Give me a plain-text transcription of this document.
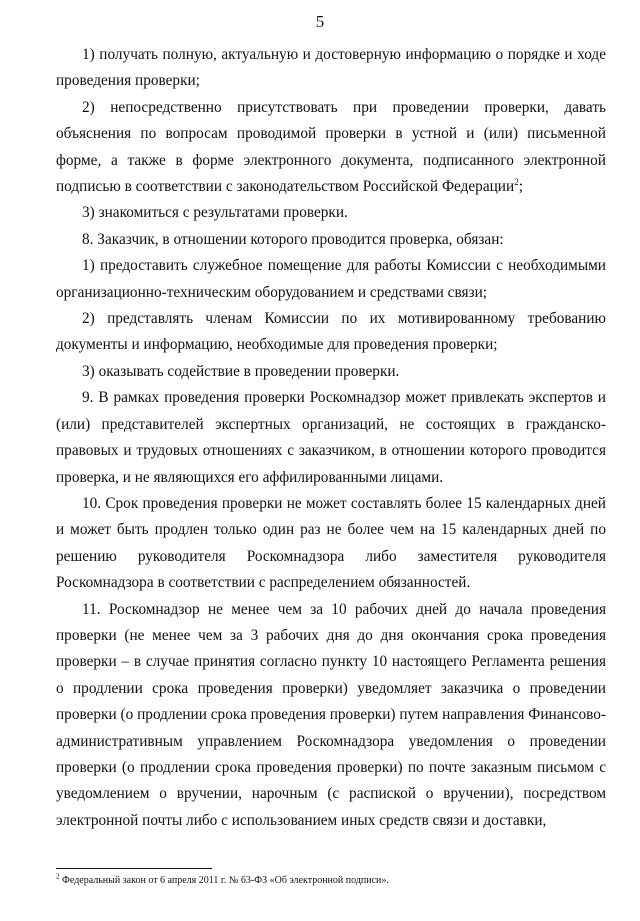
5

1) получать полную, актуальную и достоверную информацию о порядке и ходе проведения проверки;

2) непосредственно присутствовать при проведении проверки, давать объяснения по вопросам проводимой проверки в устной и (или) письменной форме, а также в форме электронного документа, подписанного электронной подписью в соответствии с законодательством Российской Федерации$^2$;

3) знакомиться с результатами проверки.

8. Заказчик, в отношении которого проводится проверка, обязан:

1) предоставить служебное помещение для работы Комиссии с необходимыми организационно-техническим оборудованием и средствами связи;

2) представлять членам Комиссии по их мотивированному требованию документы и информацию, необходимые для проведения проверки;

3) оказывать содействие в проведении проверки.

9. В рамках проведения проверки Роскомнадзор может привлекать экспертов и (или) представителей экспертных организаций, не состоящих в гражданско-правовых и трудовых отношениях с заказчиком, в отношении которого проводится проверка, и не являющихся его аффилированными лицами.

10. Срок проведения проверки не может составлять более 15 календарных дней и может быть продлен только один раз не более чем на 15 календарных дней по решению руководителя Роскомнадзора либо заместителя руководителя Роскомнадзора в соответствии с распределением обязанностей.

11. Роскомнадзор не менее чем за 10 рабочих дней до начала проведения проверки (не менее чем за 3 рабочих дня до дня окончания срока проведения проверки – в случае принятия согласно пункту 10 настоящего Регламента решения о продлении срока проведения проверки) уведомляет заказчика о проведении проверки (о продлении срока проведения проверки) путем направления Финансово-административным управлением Роскомнадзора уведомления о проведении проверки (о продлении срока проведения проверки) по почте заказным письмом с уведомлением о вручении, нарочным (с распиской о вручении), посредством электронной почты либо с использованием иных средств связи и доставки,

$^2$ Федеральный закон от 6 апреля 2011 г. № 63-ФЗ «Об электронной подписи».
